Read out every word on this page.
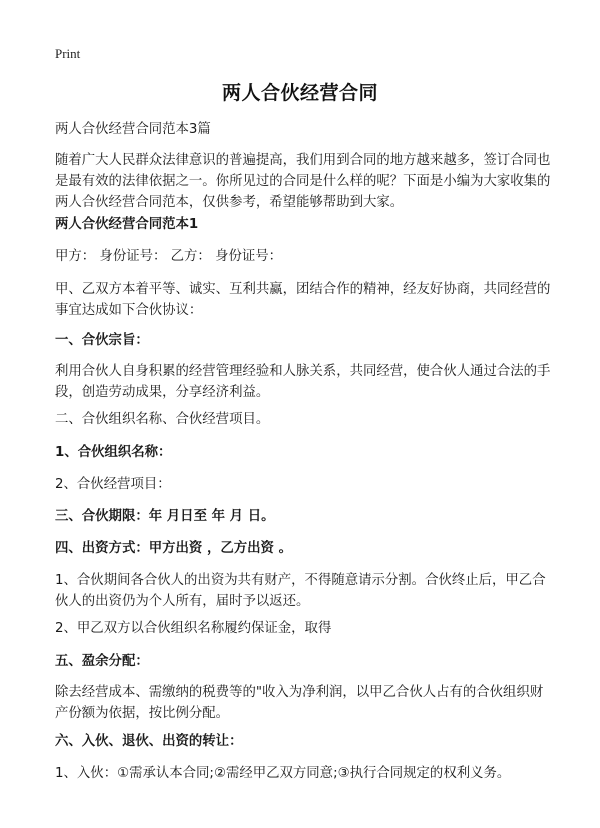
Print
两人合伙经营合同
两人合伙经营合同范本3篇
随着广大人民群众法律意识的普遍提高，我们用到合同的地方越来越多，签订合同也是最有效的法律依据之一。你所见过的合同是什么样的呢？下面是小编为大家收集的两人合伙经营合同范本，仅供参考，希望能够帮助到大家。
两人合伙经营合同范本1
甲方： 身份证号： 乙方： 身份证号：
甲、乙双方本着平等、诚实、互利共赢，团结合作的精神，经友好协商，共同经营的事宜达成如下合伙协议：
一、合伙宗旨：
利用合伙人自身积累的经营管理经验和人脉关系，共同经营，使合伙人通过合法的手段，创造劳动成果，分享经济利益。
二、合伙组织名称、合伙经营项目。
1、合伙组织名称：
2、合伙经营项目：
三、合伙期限：年 月日至 年 月 日。
四、出资方式：甲方出资 ，乙方出资 。
1、合伙期间各合伙人的出资为共有财产，不得随意请示分割。合伙终止后，甲乙合伙人的出资仍为个人所有，届时予以返还。
2、甲乙双方以合伙组织名称履约保证金，取得
五、盈余分配：
除去经营成本、需缴纳的税费等的"收入为净利润，以甲乙合伙人占有的合伙组织财产份额为依据，按比例分配。
六、入伙、退伙、出资的转让：
1、入伙：①需承认本合同;②需经甲乙双方同意;③执行合同规定的权利义务。
